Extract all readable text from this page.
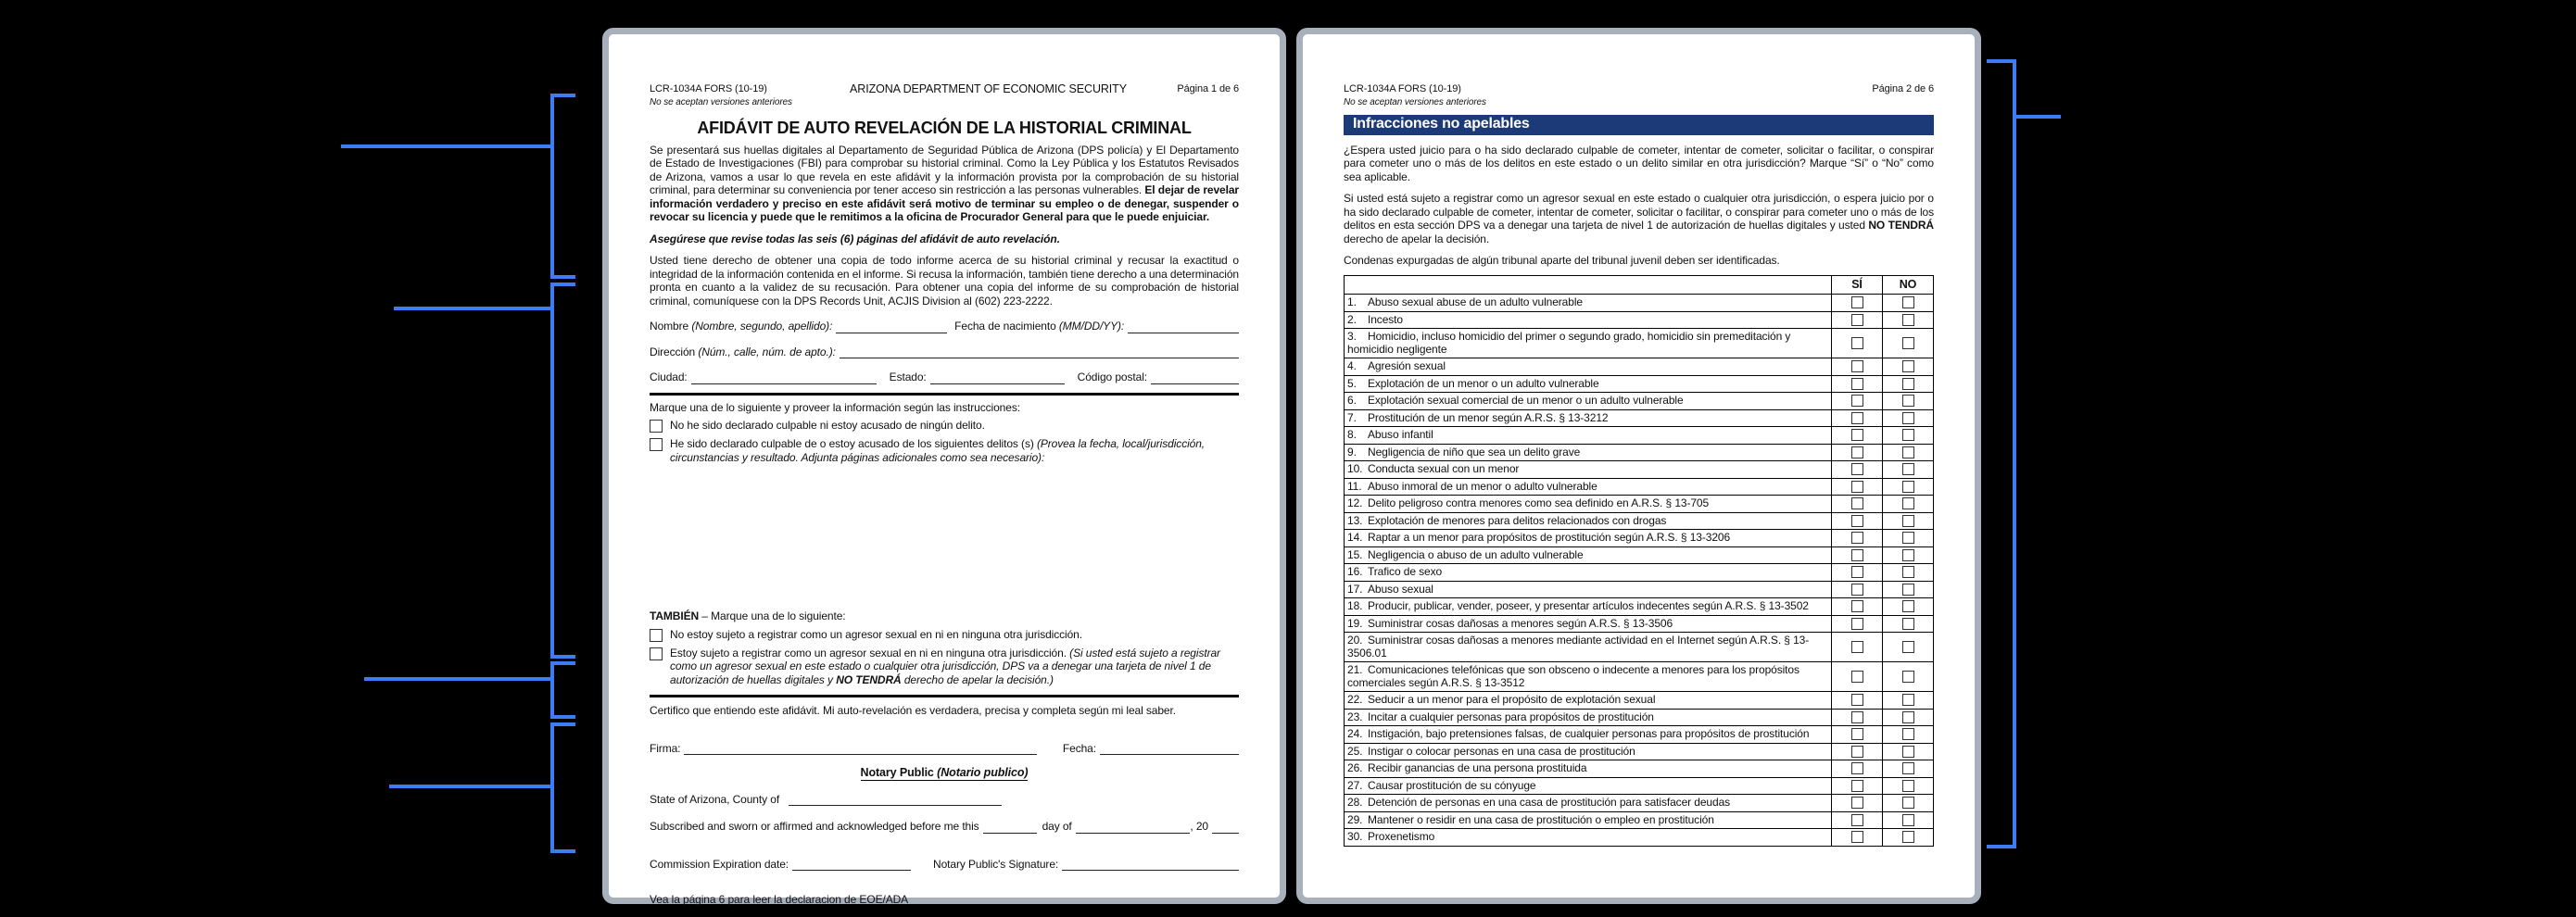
LCR-1034A FORS (10-19)
No se aceptan versiones anteriores
ARIZONA DEPARTMENT OF ECONOMIC SECURITY	Página 1 de 6
AFIDÁVIT DE AUTO REVELACIÓN DE LA HISTORIAL CRIMINAL

Se presentará sus huellas digitales al Departamento de Seguridad Pública de Arizona (DPS policía) y El Departamento de Estado de Investigaciones (FBI) para comprobar su historial criminal. Como la Ley Pública y los Estatutos Revisados de Arizona, vamos a usar lo que revela en este afidávit y la información provista por la comprobación de su historial criminal, para determinar su conveniencia por tener acceso sin restricción a las personas vulnerables. El dejar de revelar información verdadero y preciso en este afidávit será motivo de terminar su empleo o de denegar, suspender o revocar su licencia y puede que le remitimos a la oficina de Procurador General para que le puede enjuiciar.

Asegúrese que revise todas las seis (6) páginas del afidávit de auto revelación.

Usted tiene derecho de obtener una copia de todo informe acerca de su historial criminal y recusar la exactitud o integridad de la información contenida en el informe. Si recusa la información, también tiene derecho a una determinación pronta en cuanto a la validez de su recusación. Para obtener una copia del informe de su comprobación de historial criminal, comuníquese con la DPS Records Unit, ACJIS Division al (602) 223-2222.

Nombre (Nombre, segundo, apellido):	Fecha de nacimiento (MM/DD/YY):
Dirección (Núm., calle, núm. de apto.):
Ciudad:	Estado:	Código postal:

Marque una de lo siguiente y proveer la información según las instrucciones:

No he sido declarado culpable ni estoy acusado de ningún delito.
He sido declarado culpable de o estoy acusado de los siguientes delitos (s) (Provea la fecha, local/jurisdicción, circunstancias y resultado. Adjunta páginas adicionales como sea necesario):

TAMBIÉN – Marque una de lo siguiente:

No estoy sujeto a registrar como un agresor sexual en ni en ninguna otra jurisdicción.
Estoy sujeto a registrar como un agresor sexual en ni en ninguna otra jurisdicción. (Si usted está sujeto a registrar como un agresor sexual en este estado o cualquier otra jurisdicción, DPS va a denegar una tarjeta de nivel 1 de autorización de huellas digitales y NO TENDRÁ derecho de apelar la decisión.)

Certifico que entiendo este afidávit. Mi auto-revelación es verdadera, precisa y completa según mi leal saber.

Firma:	Fecha:
Notary Public (Notario publico)
State of Arizona, County of
Subscribed and sworn or affirmed and acknowledged before me this	day of	, 20
Commission Expiration date:	Notary Public's Signature:

Vea la página 6 para leer la declaracion de EOE/ADA

LCR-1034A FORS (10-19)
No se aceptan versiones anteriores
Página 2 de 6
Infracciones no apelables

¿Espera usted juicio para o ha sido declarado culpable de cometer, intentar de cometer, solicitar o facilitar, o conspirar para cometer uno o más de los delitos en este estado o un delito similar en otra jurisdicción? Marque “Sí” o “No” como sea aplicable.

Si usted está sujeto a registrar como un agresor sexual en este estado o cualquier otra jurisdicción, o espera juicio por o ha sido declarado culpable de cometer, intentar de cometer, solicitar o facilitar, o conspirar para cometer uno o más de los delitos en esta sección DPS va a denegar una tarjeta de nivel 1 de autorización de huellas digitales y usted NO TENDRÁ derecho de apelar la decisión.

Condenas expurgadas de algún tribunal aparte del tribunal juvenil deben ser identificadas.

	SÍ	NO
1. Abuso sexual abuse de un adulto vulnerable		
2. Incesto		
3. Homicidio, incluso homicidio del primer o segundo grado, homicidio sin premeditación y homicidio negligente		
4. Agresión sexual		
5. Explotación de un menor o un adulto vulnerable		
6. Explotación sexual comercial de un menor o un adulto vulnerable		
7. Prostitución de un menor según A.R.S. § 13-3212		
8. Abuso infantil		
9. Negligencia de niño que sea un delito grave		
10. Conducta sexual con un menor		
11. Abuso inmoral de un menor o adulto vulnerable		
12. Delito peligroso contra menores como sea definido en A.R.S. § 13-705		
13. Explotación de menores para delitos relacionados con drogas		
14. Raptar a un menor para propósitos de prostitución según A.R.S. § 13-3206		
15. Negligencia o abuso de un adulto vulnerable		
16. Trafico de sexo		
17. Abuso sexual		
18. Producir, publicar, vender, poseer, y presentar artículos indecentes según A.R.S. § 13-3502		
19. Suministrar cosas dañosas a menores según A.R.S. § 13-3506		
20. Suministrar cosas dañosas a menores mediante actividad en el Internet según A.R.S. § 13-3506.01		
21. Comunicaciones telefónicas que son obsceno o indecente a menores para los propósitos comerciales según A.R.S. § 13-3512		
22. Seducir a un menor para el propósito de explotación sexual		
23. Incitar a cualquier personas para propósitos de prostitución		
24. Instigación, bajo pretensiones falsas, de cualquier personas para propósitos de prostitución		
25. Instigar o colocar personas en una casa de prostitución		
26. Recibir ganancias de una persona prostituida		
27. Causar prostitución de su cónyuge		
28. Detención de personas en una casa de prostitución para satisfacer deudas		
29. Mantener o residir en una casa de prostitución o empleo en prostitución		
30. Proxenetismo		
